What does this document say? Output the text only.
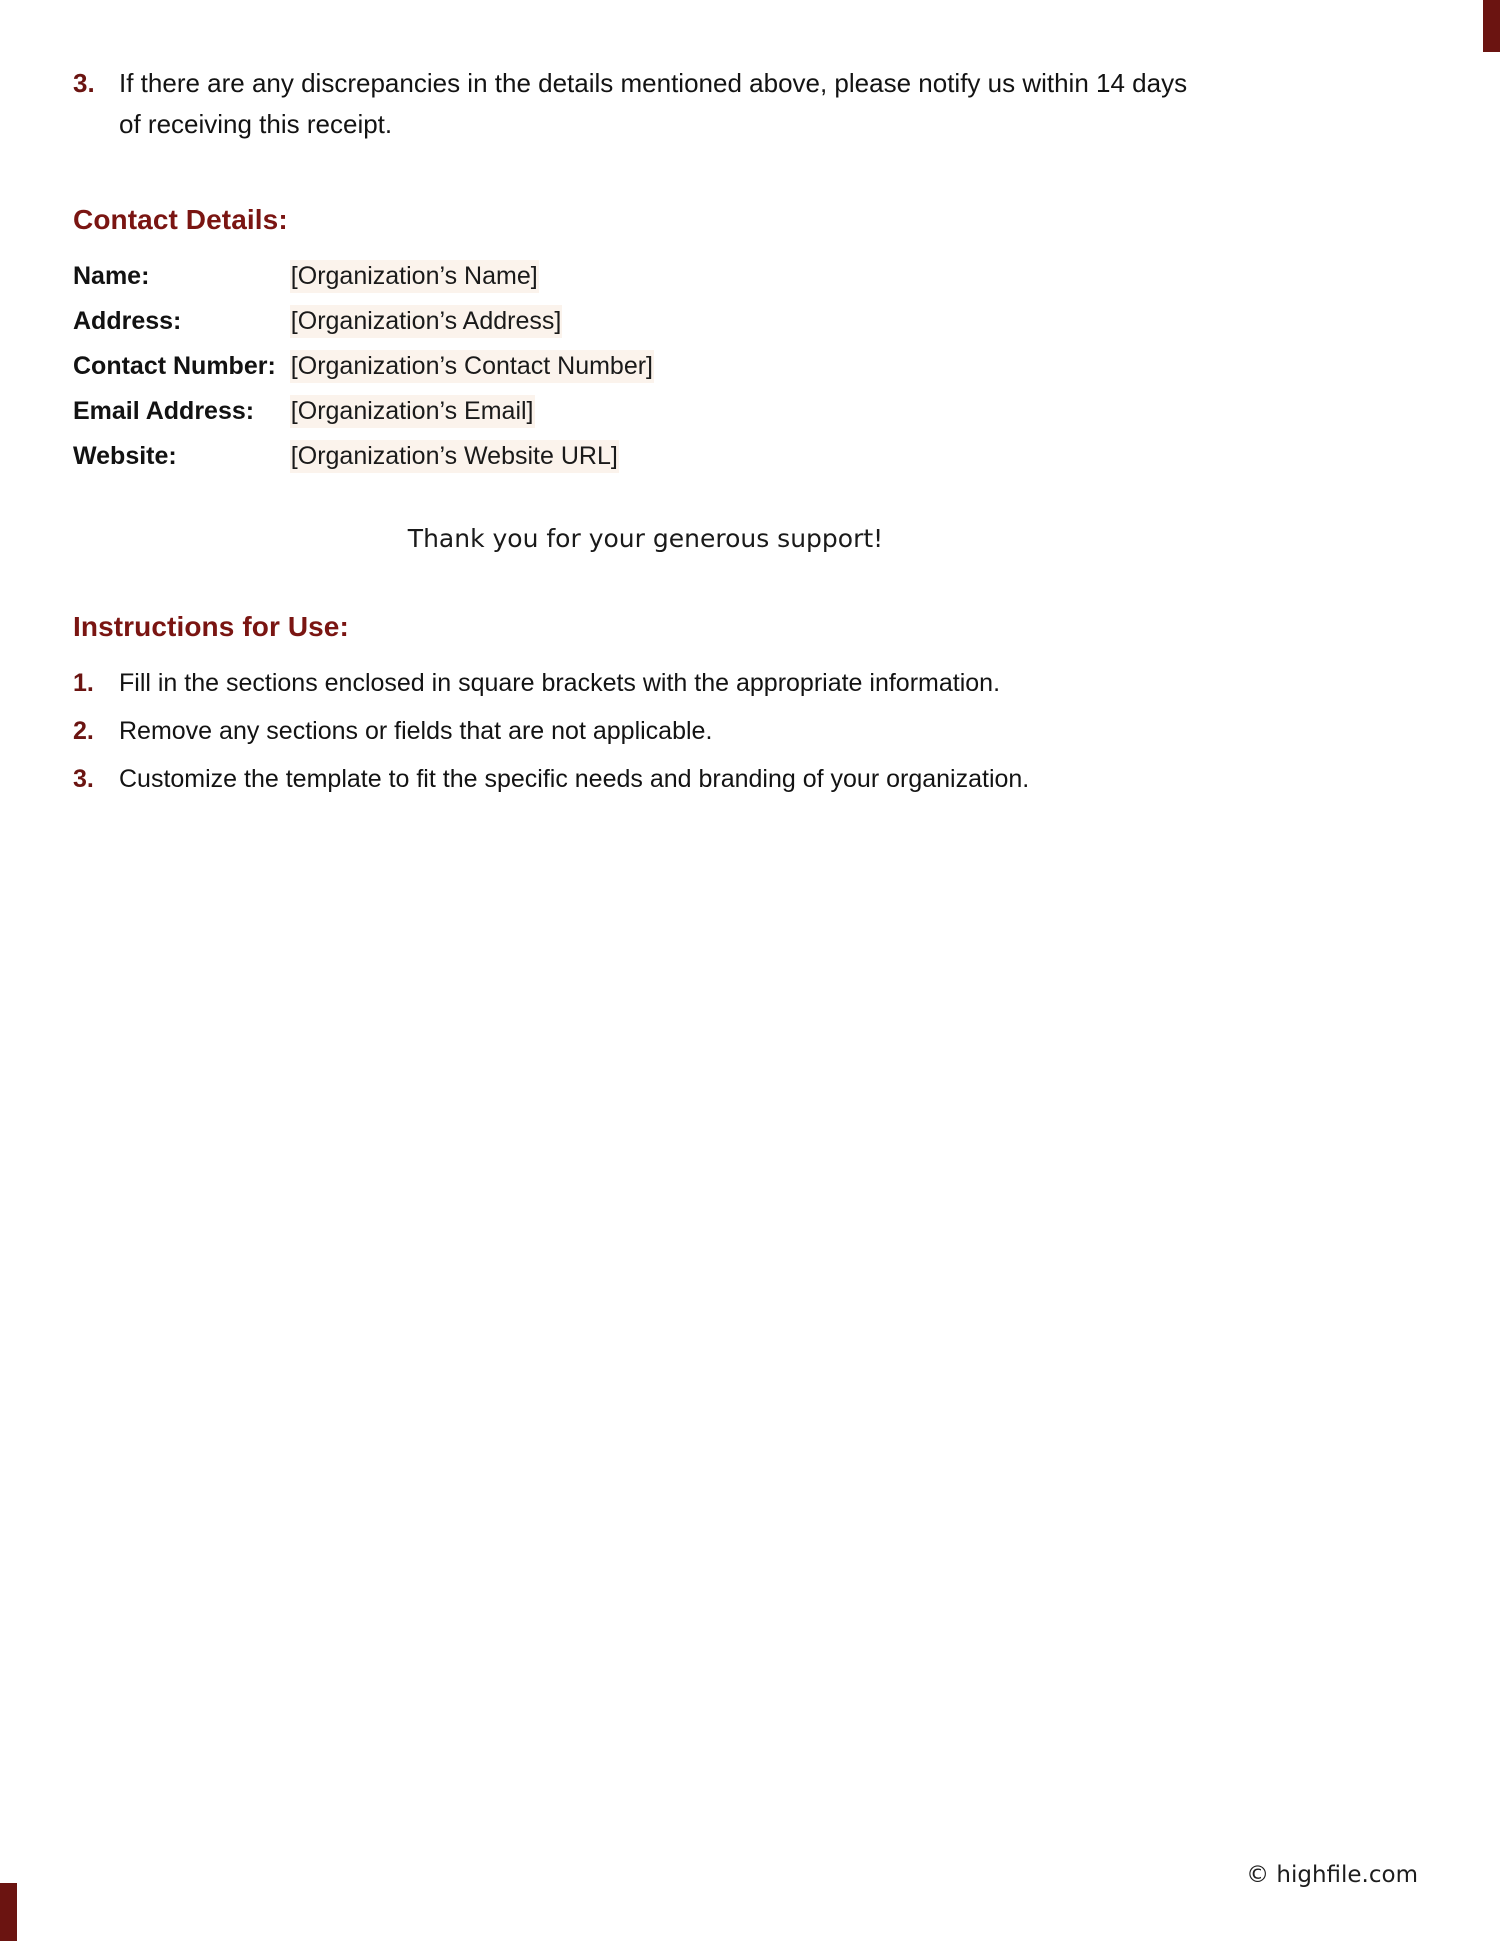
3. If there are any discrepancies in the details mentioned above, please notify us within 14 days of receiving this receipt.
Contact Details:
Name:	[Organization’s Name]
Address:	[Organization’s Address]
Contact Number:	[Organization’s Contact Number]
Email Address:	[Organization’s Email]
Website:	[Organization’s Website URL]
Thank you for your generous support!
Instructions for Use:
1.	Fill in the sections enclosed in square brackets with the appropriate information.
2.	Remove any sections or fields that are not applicable.
3.	Customize the template to fit the specific needs and branding of your organization.
© highfile.com
